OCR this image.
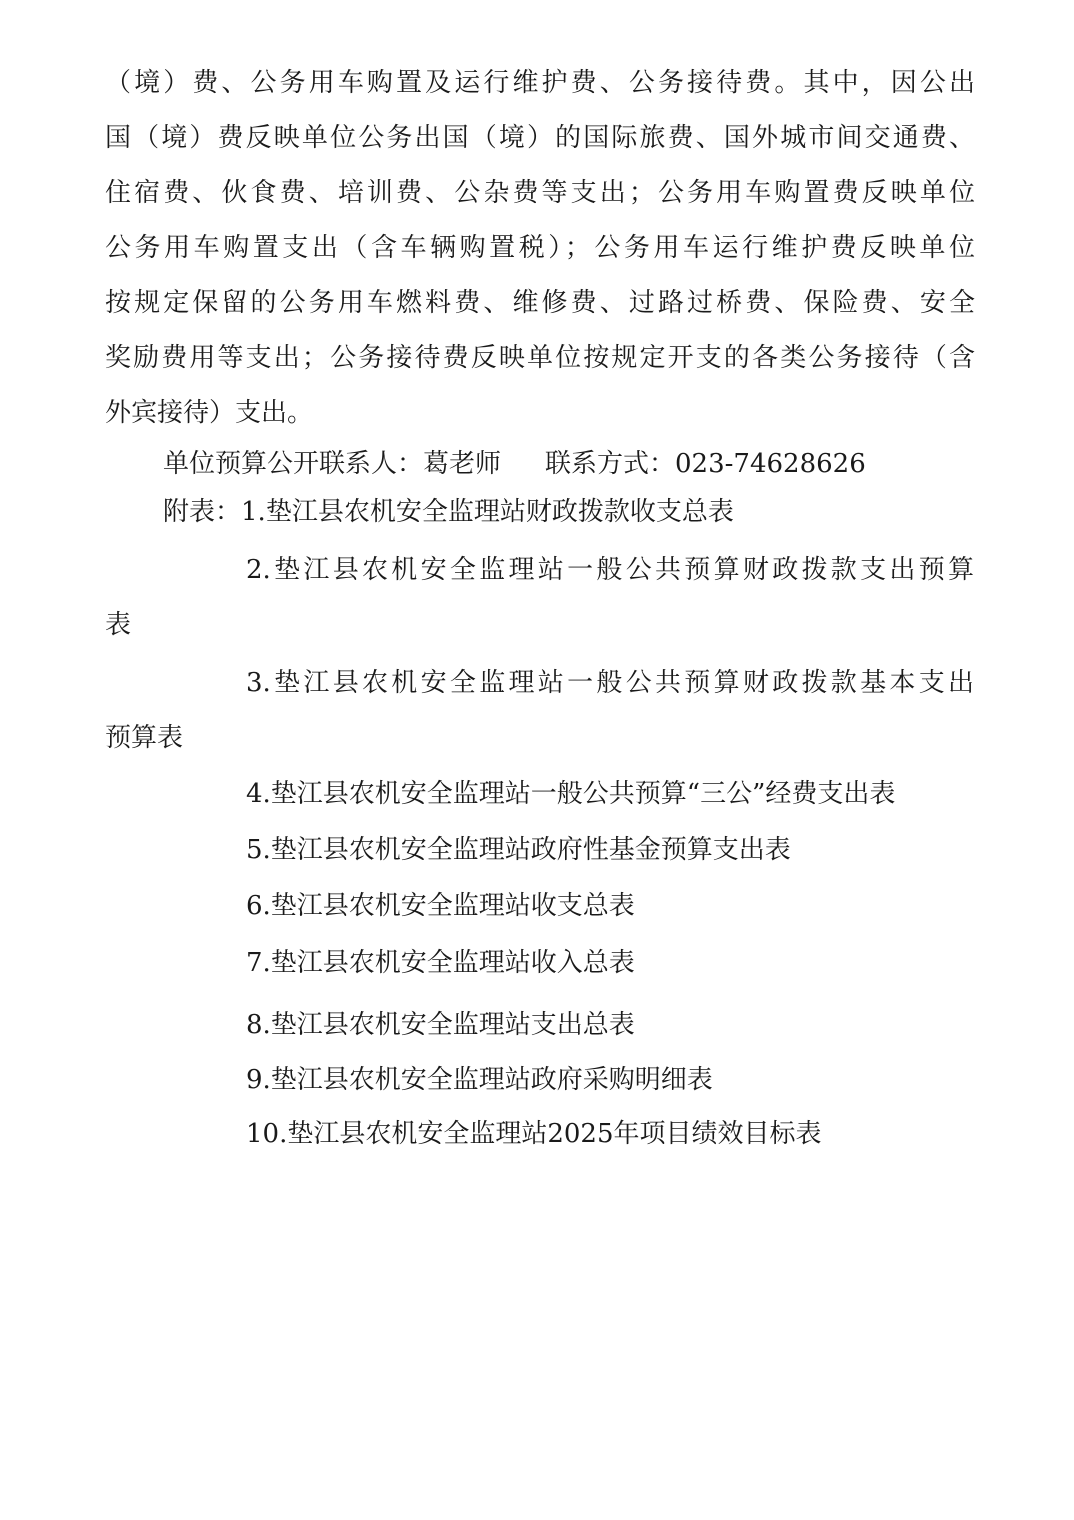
（境）费、公务用车购置及运行维护费、公务接待费。其中，因公出
国（境）费反映单位公务出国（境）的国际旅费、国外城市间交通费、
住宿费、伙食费、培训费、公杂费等支出；公务用车购置费反映单位
公务用车购置支出（含车辆购置税）；公务用车运行维护费反映单位
按规定保留的公务用车燃料费、维修费、过路过桥费、保险费、安全
奖励费用等支出；公务接待费反映单位按规定开支的各类公务接待（含
外宾接待）支出。
单位预算公开联系人：葛老师 联系方式：023-74628626
附表：1.垫江县农机安全监理站财政拨款收支总表
2.垫江县农机安全监理站一般公共预算财政拨款支出预算
表
3.垫江县农机安全监理站一般公共预算财政拨款基本支出
预算表
4.垫江县农机安全监理站一般公共预算“三公”经费支出表
5.垫江县农机安全监理站政府性基金预算支出表
6.垫江县农机安全监理站收支总表
7.垫江县农机安全监理站收入总表
8.垫江县农机安全监理站支出总表
9.垫江县农机安全监理站政府采购明细表
10.垫江县农机安全监理站2025年项目绩效目标表
